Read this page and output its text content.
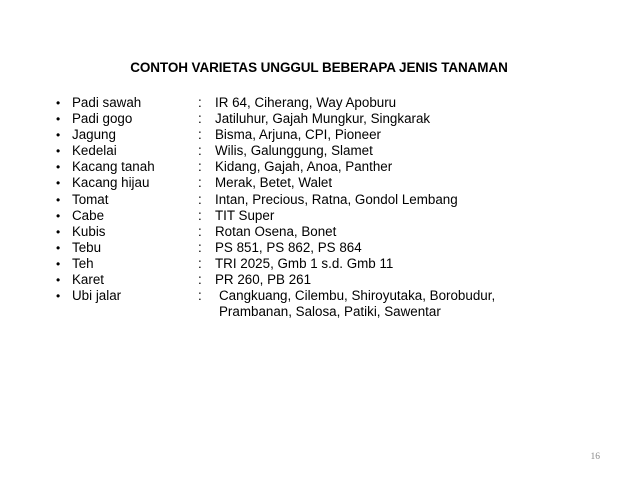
CONTOH VARIETAS UNGGUL BEBERAPA JENIS TANAMAN
• Padi sawah	: IR 64, Ciherang, Way Apoburu
• Padi gogo	: Jatiluhur, Gajah Mungkur, Singkarak
• Jagung	: Bisma, Arjuna, CPI, Pioneer
• Kedelai	: Wilis, Galunggung, Slamet
• Kacang tanah	: Kidang, Gajah, Anoa, Panther
• Kacang hijau	: Merak, Betet, Walet
• Tomat	: Intan, Precious, Ratna, Gondol Lembang
• Cabe	: TIT Super
• Kubis	: Rotan Osena, Bonet
• Tebu	: PS 851, PS 862, PS 864
• Teh	: TRI 2025, Gmb 1 s.d. Gmb 11
• Karet	: PR 260, PB 261
• Ubi jalar	:	Cangkuang, Cilembu, Shiroyutaka, Borobudur,
Prambanan, Salosa, Patiki, Sawentar
16
